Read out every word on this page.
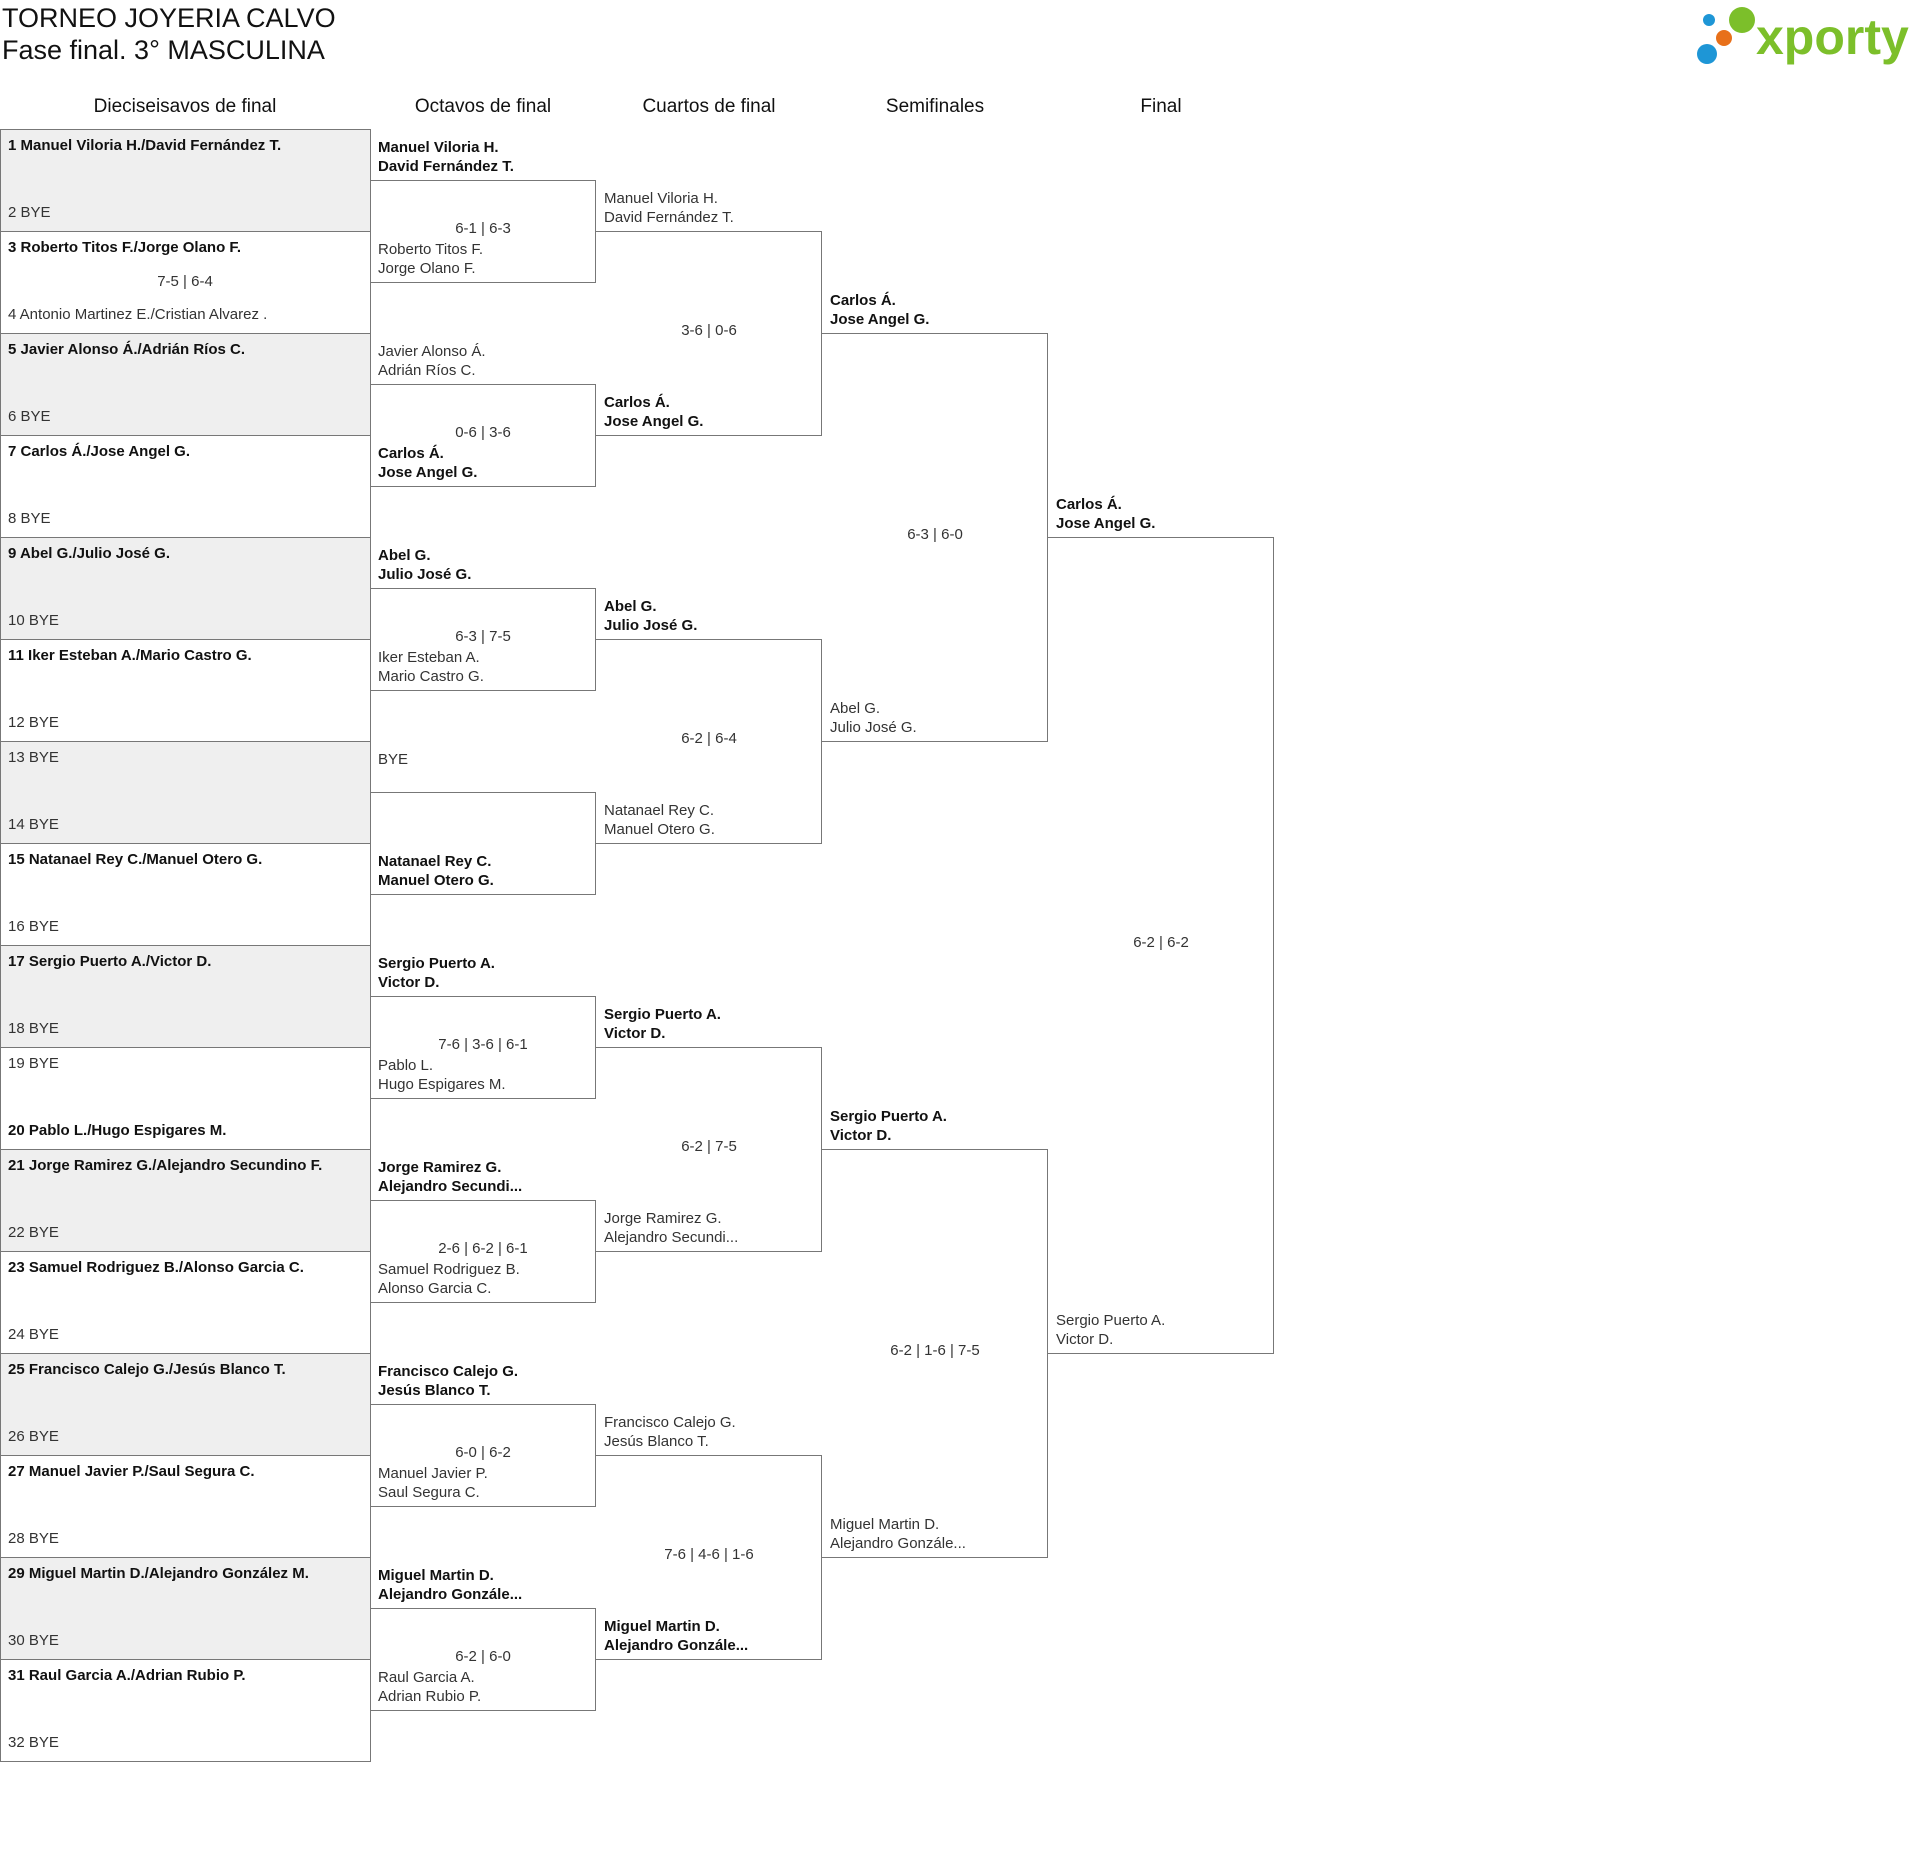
TORNEO JOYERIA CALVO
Fase final. 3° MASCULINA	xporty
Dieciseisavos de final	Octavos de final	Cuartos de final	Semifinales	Final
1 Manuel Viloria H./David Fernández T.
2 BYE
3 Roberto Titos F./Jorge Olano F.
4 Antonio Martinez E./Cristian Alvarez .
7-5 | 6-4
5 Javier Alonso Á./Adrián Ríos C.
6 BYE
7 Carlos Á./Jose Angel G.
8 BYE
9 Abel G./Julio José G.
10 BYE
11 Iker Esteban A./Mario Castro G.
12 BYE
13 BYE
14 BYE
15 Natanael Rey C./Manuel Otero G.
16 BYE
17 Sergio Puerto A./Victor D.
18 BYE
19 BYE
20 Pablo L./Hugo Espigares M.
21 Jorge Ramirez G./Alejandro Secundino F.
22 BYE
23 Samuel Rodriguez B./Alonso Garcia C.
24 BYE
25 Francisco Calejo G./Jesús Blanco T.
26 BYE
27 Manuel Javier P./Saul Segura C.
28 BYE
29 Miguel Martin D./Alejandro González M.
30 BYE
31 Raul Garcia A./Adrian Rubio P.
32 BYE
Manuel Viloria H.
David Fernández T.
Roberto Titos F.
Jorge Olano F.
6-1 | 6-3
Javier Alonso Á.
Adrián Ríos C.
Carlos Á.
Jose Angel G.
0-6 | 3-6
Abel G.
Julio José G.
Iker Esteban A.
Mario Castro G.
6-3 | 7-5
BYE
Natanael Rey C.
Manuel Otero G.
Sergio Puerto A.
Victor D.
Pablo L.
Hugo Espigares M.
7-6 | 3-6 | 6-1
Jorge Ramirez G.
Alejandro Secundi...
Samuel Rodriguez B.
Alonso Garcia C.
2-6 | 6-2 | 6-1
Francisco Calejo G.
Jesús Blanco T.
Manuel Javier P.
Saul Segura C.
6-0 | 6-2
Miguel Martin D.
Alejandro Gonzále...
Raul Garcia A.
Adrian Rubio P.
6-2 | 6-0
Manuel Viloria H.
David Fernández T.
Carlos Á.
Jose Angel G.
3-6 | 0-6
Abel G.
Julio José G.
Natanael Rey C.
Manuel Otero G.
6-2 | 6-4
Sergio Puerto A.
Victor D.
Jorge Ramirez G.
Alejandro Secundi...
6-2 | 7-5
Francisco Calejo G.
Jesús Blanco T.
Miguel Martin D.
Alejandro Gonzále...
7-6 | 4-6 | 1-6
Carlos Á.
Jose Angel G.
Abel G.
Julio José G.
6-3 | 6-0
Sergio Puerto A.
Victor D.
Miguel Martin D.
Alejandro Gonzále...
6-2 | 1-6 | 7-5
Carlos Á.
Jose Angel G.
Sergio Puerto A.
Victor D.
6-2 | 6-2
